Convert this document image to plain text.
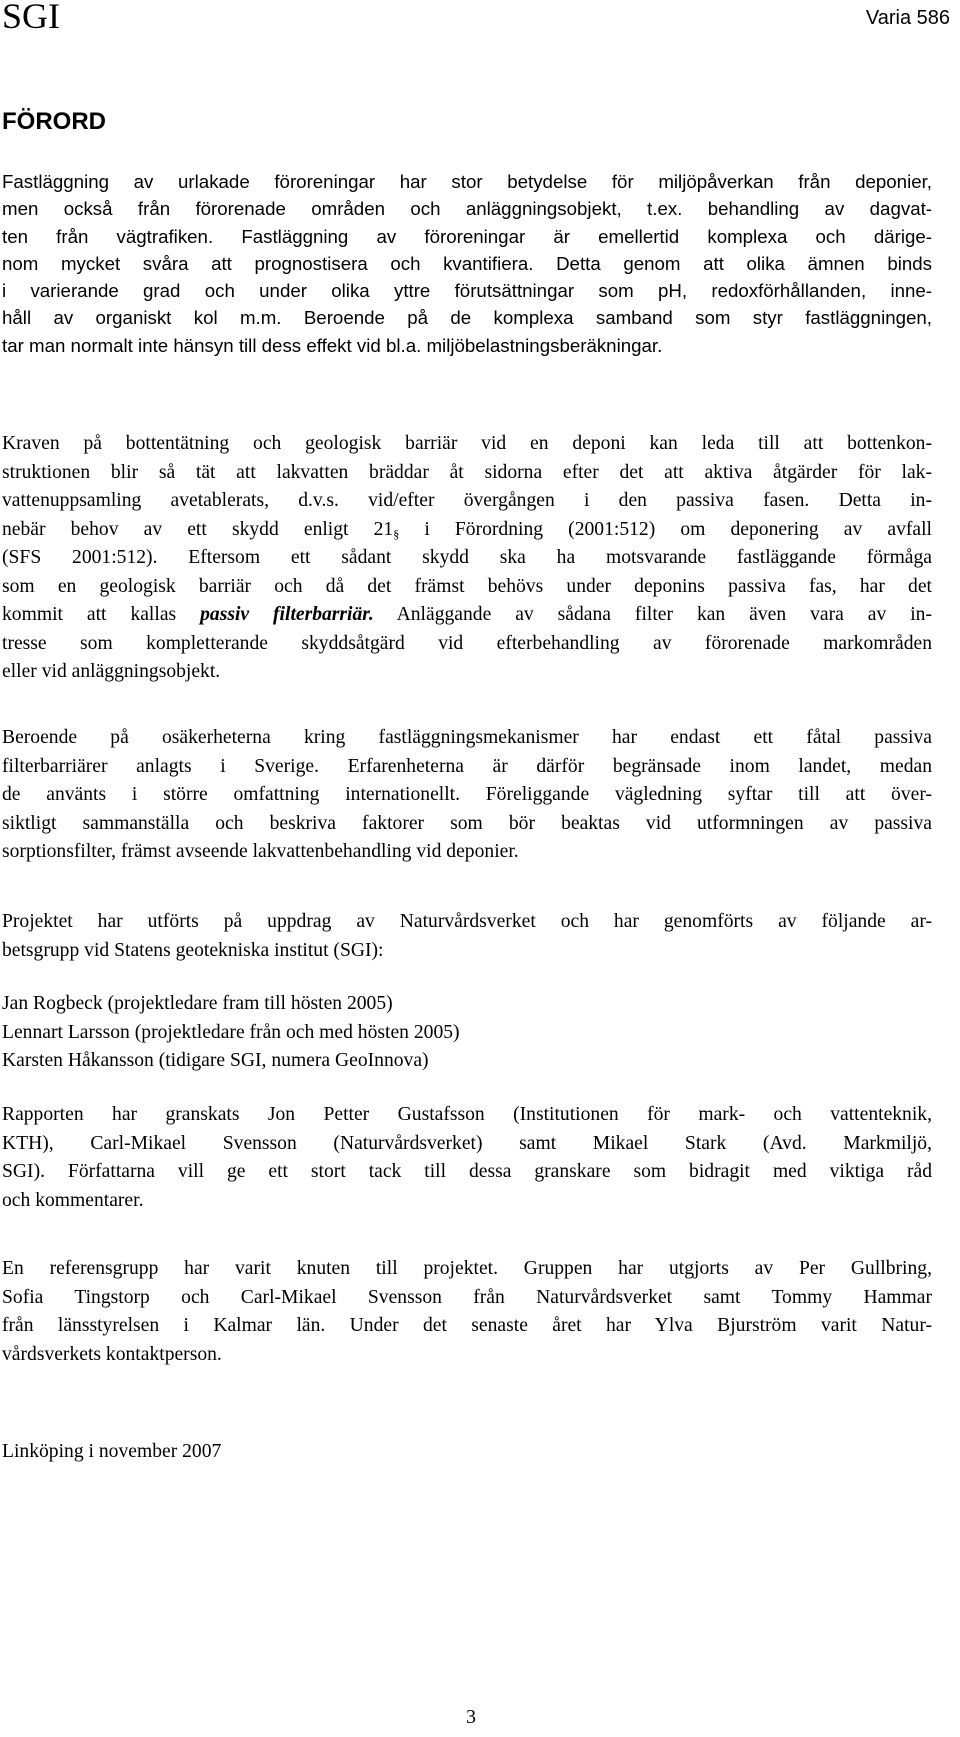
SGI	Varia 586
FÖRORD
Fastläggning av urlakade föroreningar har stor betydelse för miljöpåverkan från deponier,
men också från förorenade områden och anläggningsobjekt, t.ex. behandling av dagvat-
ten från vägtrafiken. Fastläggning av föroreningar är emellertid komplexa och därige-
nom mycket svåra att prognostisera och kvantifiera. Detta genom att olika ämnen binds
i varierande grad och under olika yttre förutsättningar som pH, redoxförhållanden, inne-
håll av organiskt kol m.m. Beroende på de komplexa samband som styr fastläggningen,
tar man normalt inte hänsyn till dess effekt vid bl.a. miljöbelastningsberäkningar.
Kraven på bottentätning och geologisk barriär vid en deponi kan leda till att bottenkon-
struktionen blir så tät att lakvatten bräddar åt sidorna efter det att aktiva åtgärder för lak-
vattenuppsamling avetablerats, d.v.s. vid/efter övergången i den passiva fasen. Detta in-
nebär behov av ett skydd enligt 21§ i Förordning (2001:512) om deponering av avfall
(SFS 2001:512). Eftersom ett sådant skydd ska ha motsvarande fastläggande förmåga
som en geologisk barriär och då det främst behövs under deponins passiva fas, har det
kommit att kallas passiv filterbarriär. Anläggande av sådana filter kan även vara av in-
tresse som kompletterande skyddsåtgärd vid efterbehandling av förorenade markområden
eller vid anläggningsobjekt.
Beroende på osäkerheterna kring fastläggningsmekanismer har endast ett fåtal passiva
filterbarriärer anlagts i Sverige. Erfarenheterna är därför begränsade inom landet, medan
de använts i större omfattning internationellt. Föreliggande vägledning syftar till att över-
siktligt sammanställa och beskriva faktorer som bör beaktas vid utformningen av passiva
sorptionsfilter, främst avseende lakvattenbehandling vid deponier.
Projektet har utförts på uppdrag av Naturvårdsverket och har genomförts av följande ar-
betsgrupp vid Statens geotekniska institut (SGI):
Jan Rogbeck (projektledare fram till hösten 2005)
Lennart Larsson (projektledare från och med hösten 2005)
Karsten Håkansson (tidigare SGI, numera GeoInnova)
Rapporten har granskats Jon Petter Gustafsson (Institutionen för mark- och vattenteknik,
KTH), Carl-Mikael Svensson (Naturvårdsverket) samt Mikael Stark (Avd. Markmiljö,
SGI). Författarna vill ge ett stort tack till dessa granskare som bidragit med viktiga råd
och kommentarer.
En referensgrupp har varit knuten till projektet. Gruppen har utgjorts av Per Gullbring,
Sofia Tingstorp och Carl-Mikael Svensson från Naturvårdsverket samt Tommy Hammar
från länsstyrelsen i Kalmar län. Under det senaste året har Ylva Bjurström varit Natur-
vårdsverkets kontaktperson.
Linköping i november 2007
3
